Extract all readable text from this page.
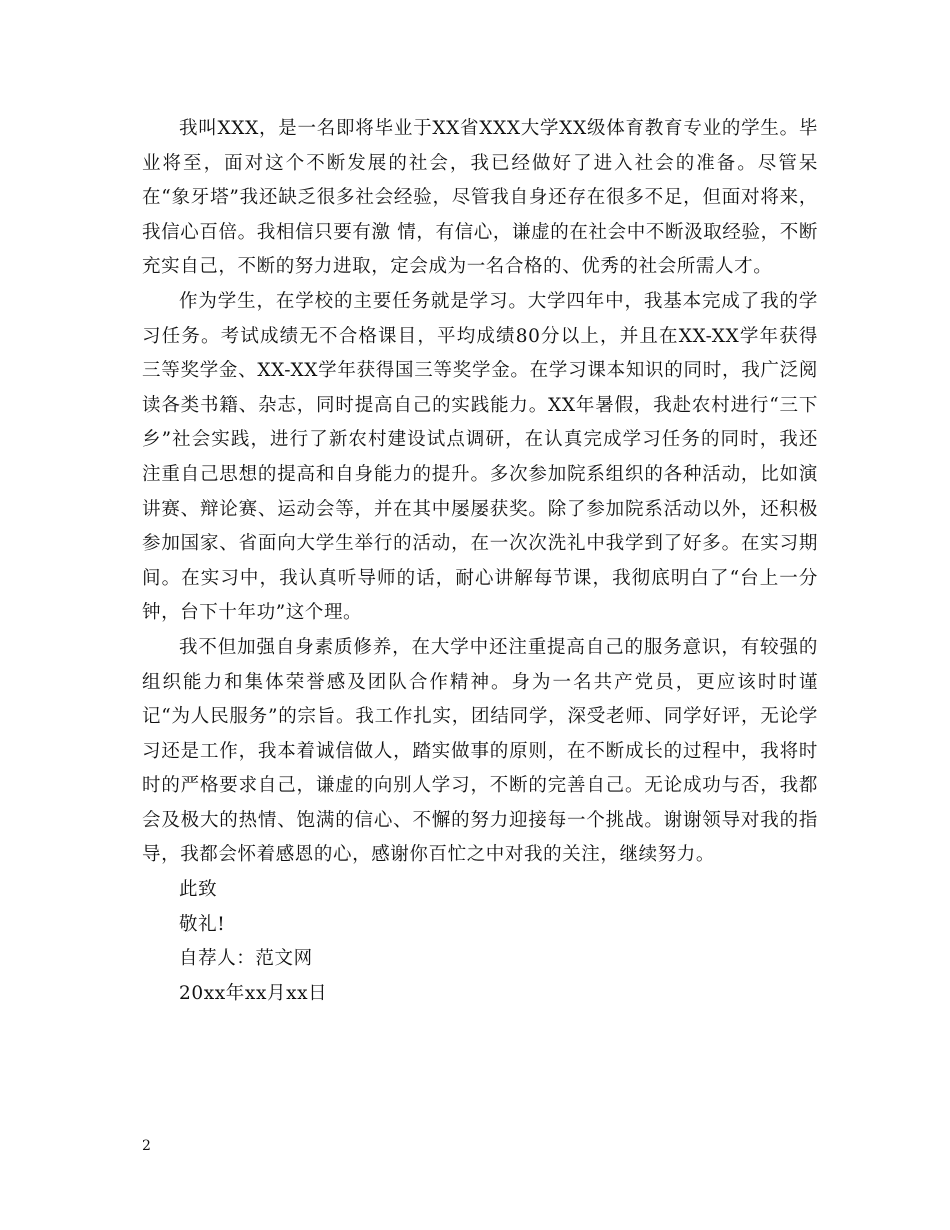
我叫XXX，是一名即将毕业于XX省XXX大学XX级体育教育专业的学生。毕业将至，面对这个不断发展的社会，我已经做好了进入社会的准备。尽管呆在“象牙塔”我还缺乏很多社会经验，尽管我自身还存在很多不足，但面对将来，我信心百倍。我相信只要有激 情，有信心，谦虚的在社会中不断汲取经验，不断充实自己，不断的努力进取，定会成为一名合格的、优秀的社会所需人才。

作为学生，在学校的主要任务就是学习。大学四年中，我基本完成了我的学习任务。考试成绩无不合格课目，平均成绩80分以上，并且在XX-XX学年获得三等奖学金、XX-XX学年获得国三等奖学金。在学习课本知识的同时，我广泛阅读各类书籍、杂志，同时提高自己的实践能力。XX年暑假，我赴农村进行“三下乡”社会实践，进行了新农村建设试点调研，在认真完成学习任务的同时，我还注重自己思想的提高和自身能力的提升。多次参加院系组织的各种活动，比如演讲赛、辩论赛、运动会等，并在其中屡屡获奖。除了参加院系活动以外，还积极参加国家、省面向大学生举行的活动，在一次次洗礼中我学到了好多。在实习期间。在实习中，我认真听导师的话，耐心讲解每节课，我彻底明白了“台上一分钟，台下十年功”这个理。

我不但加强自身素质修养，在大学中还注重提高自己的服务意识，有较强的组织能力和集体荣誉感及团队合作精神。身为一名共产党员，更应该时时谨记“为人民服务”的宗旨。我工作扎实，团结同学，深受老师、同学好评，无论学习还是工作，我本着诚信做人，踏实做事的原则，在不断成长的过程中，我将时时的严格要求自己，谦虚的向别人学习，不断的完善自己。无论成功与否，我都会及极大的热情、饱满的信心、不懈的努力迎接每一个挑战。谢谢领导对我的指导，我都会怀着感恩的心，感谢你百忙之中对我的关注，继续努力。

此致

敬礼!

自荐人：范文网

20xx年xx月xx日

2
